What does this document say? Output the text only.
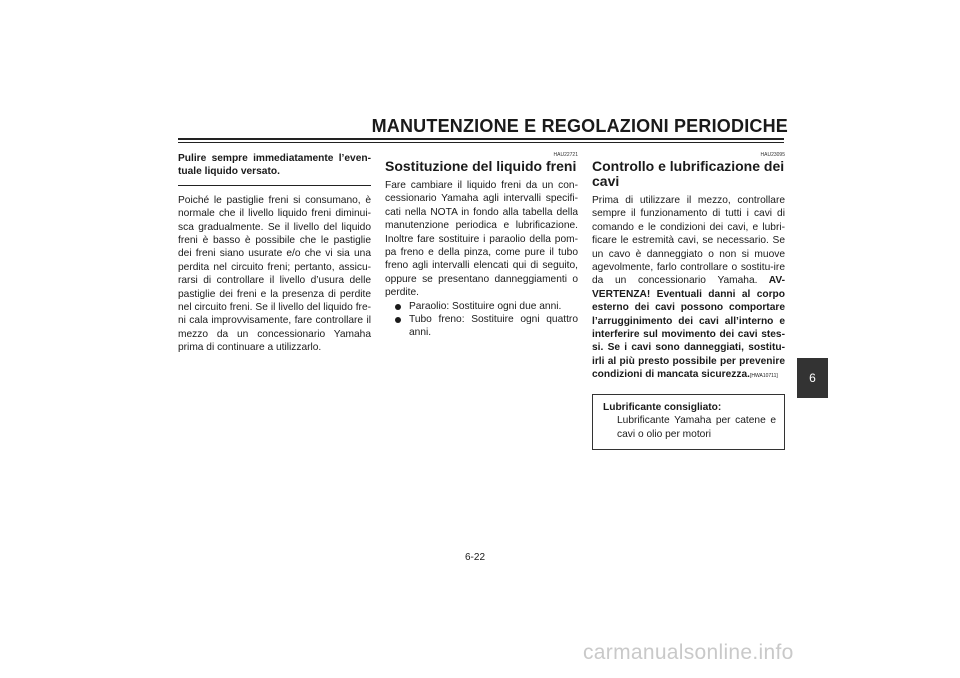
MANUTENZIONE E REGOLAZIONI PERIODICHE
Pulire sempre immediatamente l’even-tuale liquido versato.
Poiché le pastiglie freni si consumano, è normale che il livello liquido freni diminui-sca gradualmente. Se il livello del liquido freni è basso è possibile che le pastiglie dei freni siano usurate e/o che vi sia una perdita nel circuito freni; pertanto, assicu-rarsi di controllare il livello d’usura delle pastiglie dei freni e la presenza di perdite nel circuito freni. Se il livello del liquido fre-ni cala improvvisamente, fare controllare il mezzo da un concessionario Yamaha prima di continuare a utilizzarlo.
HAU22721
Sostituzione del liquido freni
Fare cambiare il liquido freni da un con-cessionario Yamaha agli intervalli specifi-cati nella NOTA in fondo alla tabella della manutenzione periodica e lubrificazione. Inoltre fare sostituire i paraolio della pom-pa freno e della pinza, come pure il tubo freno agli intervalli elencati qui di seguito, oppure se presentano danneggiamenti o perdite.
Paraolio: Sostituire ogni due anni.
Tubo freno: Sostituire ogni quattro anni.
HAU23095
Controllo e lubrificazione dei cavi
Prima di utilizzare il mezzo, controllare sempre il funzionamento di tutti i cavi di comando e le condizioni dei cavi, e lubri-ficare le estremità cavi, se necessario. Se un cavo è danneggiato o non si muove agevolmente, farlo controllare o sostitu-ire da un concessionario Yamaha. AV-VERTENZA! Eventuali danni al corpo esterno dei cavi possono comportare l’arrugginimento dei cavi all’interno e interferire sul movimento dei cavi stes-si. Se i cavi sono danneggiati, sostitu-irli al più presto possibile per prevenire condizioni di mancata sicurezza.[HWA10711]
Lubrificante consigliato:
Lubrificante Yamaha per catene e cavi o olio per motori
6
6-22
carmanualsonline.info
